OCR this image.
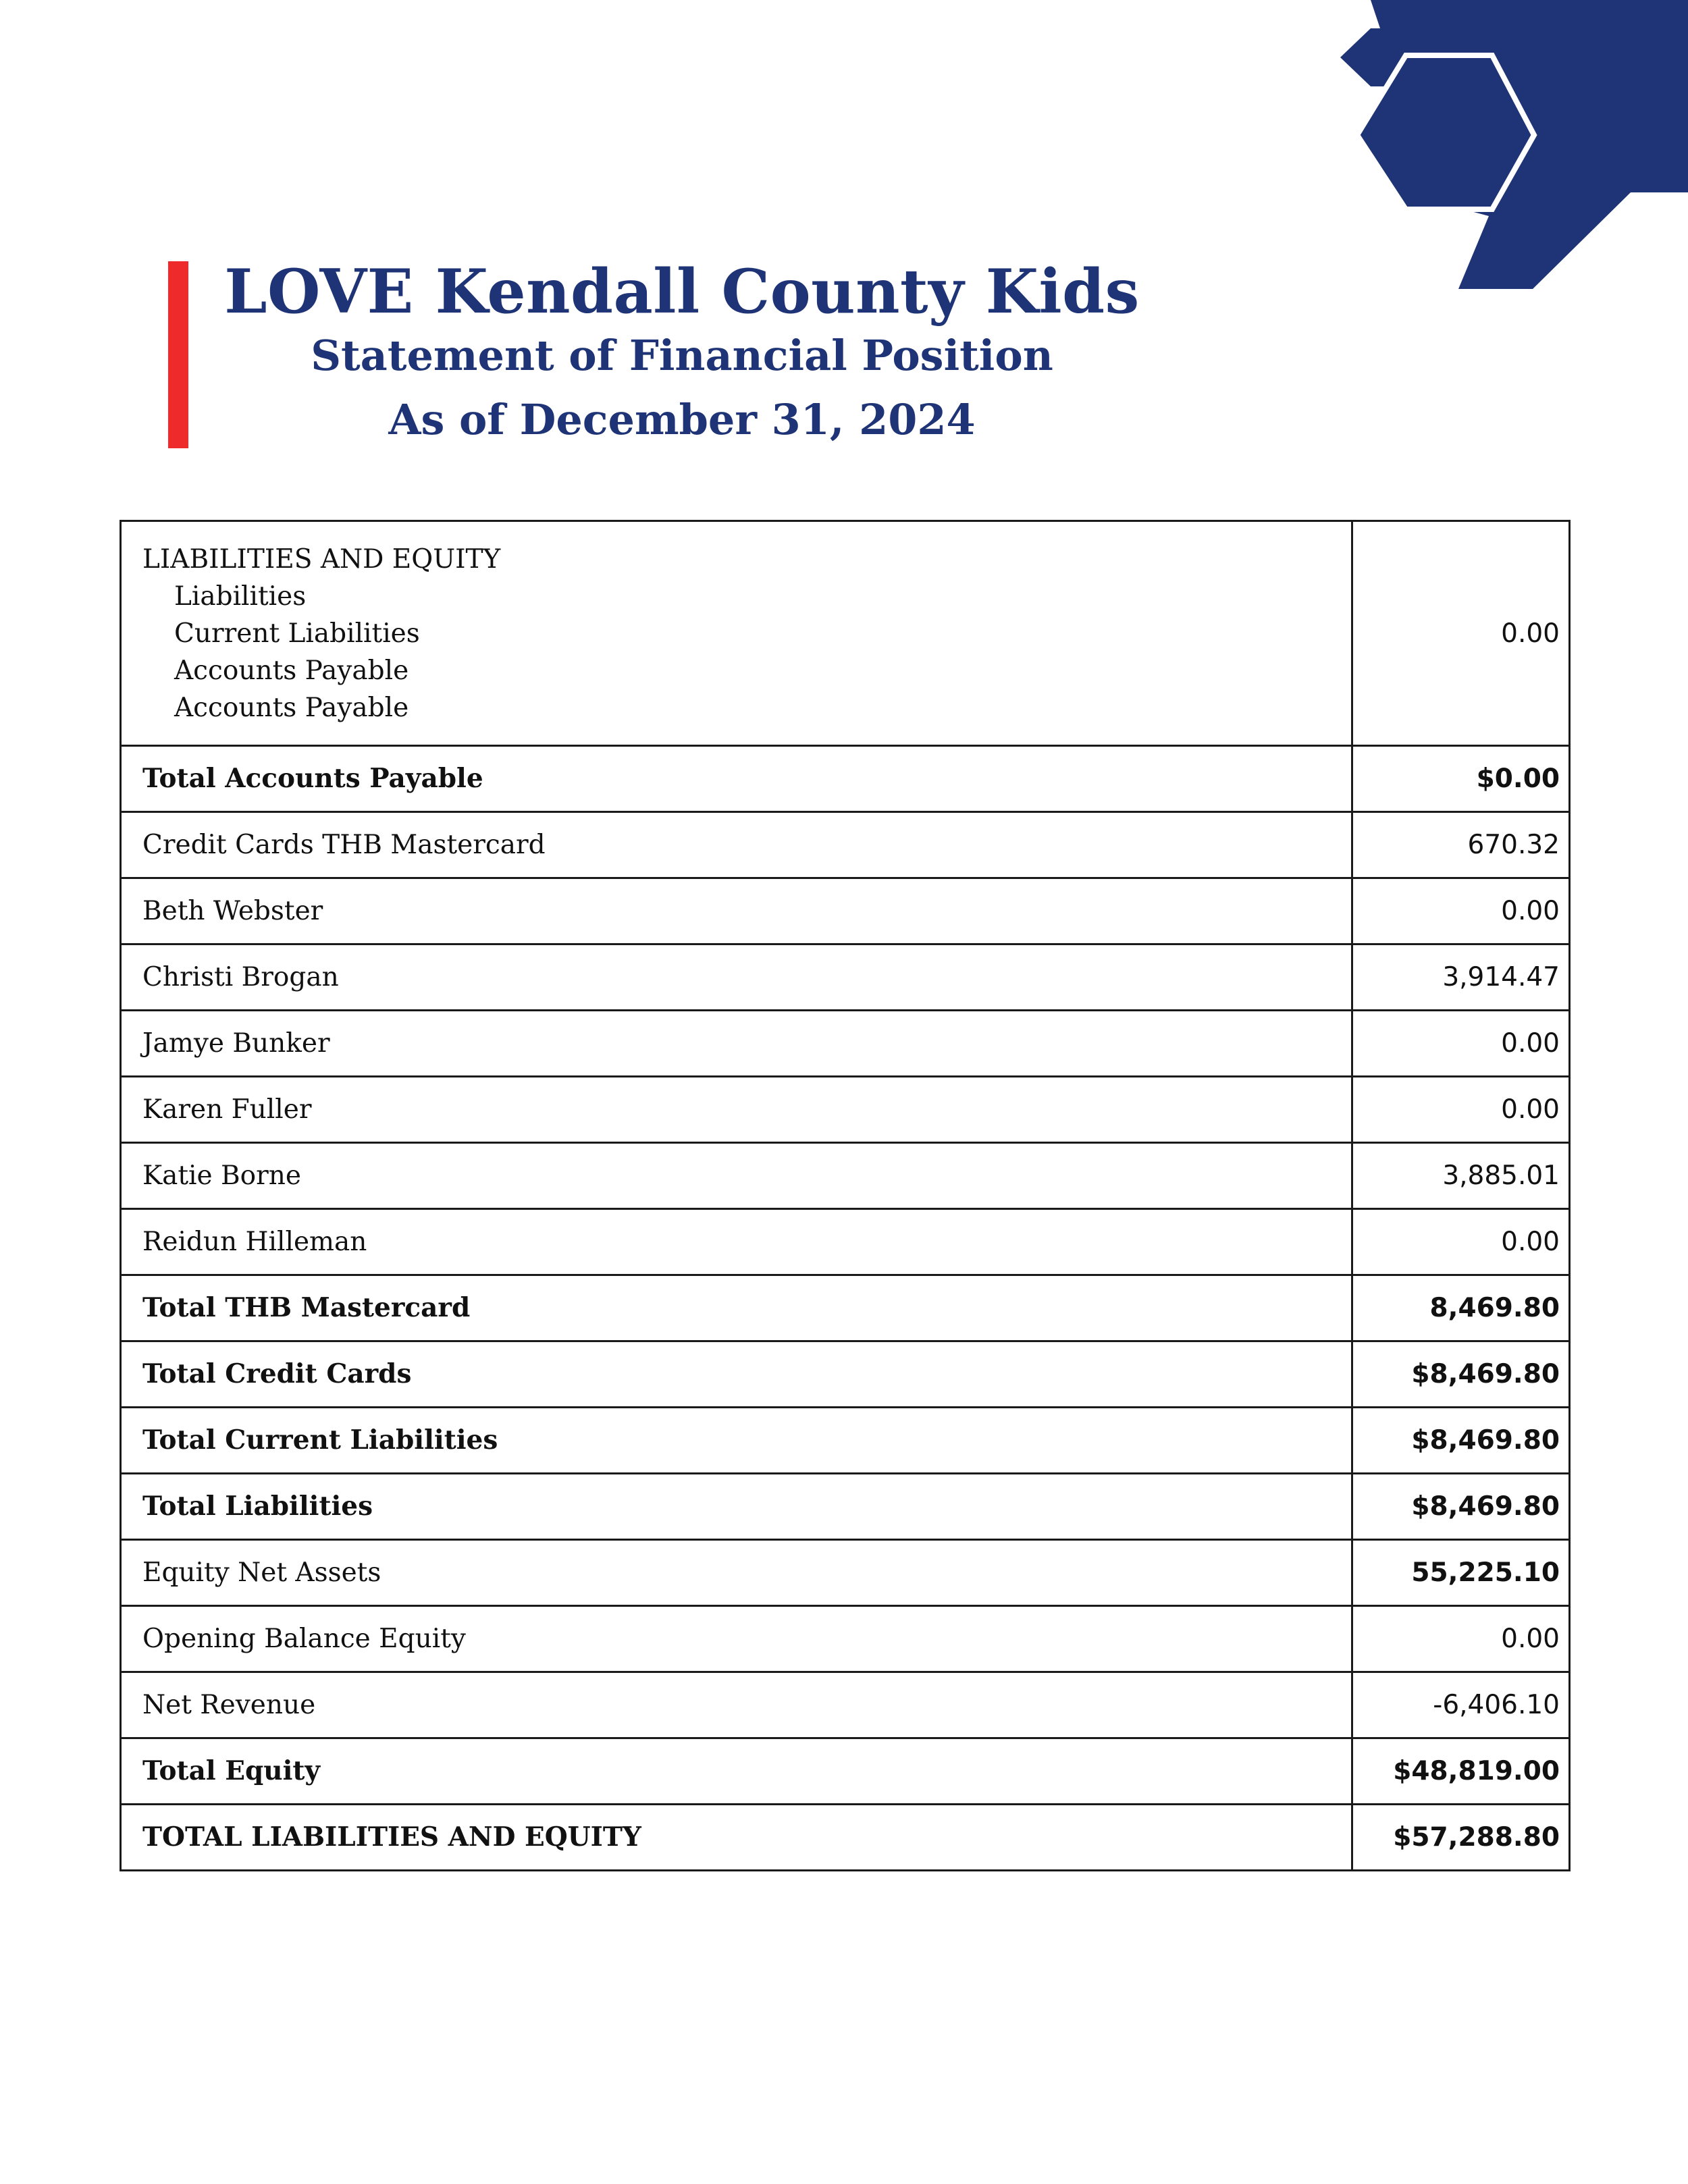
LOVE Kendall County Kids
Statement of Financial Position
As of December 31, 2024
LIABILITIES AND EQUITY
Liabilities
Current Liabilities
Accounts Payable
Accounts Payable	0.00
Total Accounts Payable	$0.00
Credit Cards THB Mastercard	670.32
Beth Webster	0.00
Christi Brogan	3,914.47
Jamye Bunker	0.00
Karen Fuller	0.00
Katie Borne	3,885.01
Reidun Hilleman	0.00
Total THB Mastercard	8,469.80
Total Credit Cards	$8,469.80
Total Current Liabilities	$8,469.80
Total Liabilities	$8,469.80
Equity Net Assets	55,225.10
Opening Balance Equity	0.00
Net Revenue	-6,406.10
Total Equity	$48,819.00
TOTAL LIABILITIES AND EQUITY	$57,288.80
